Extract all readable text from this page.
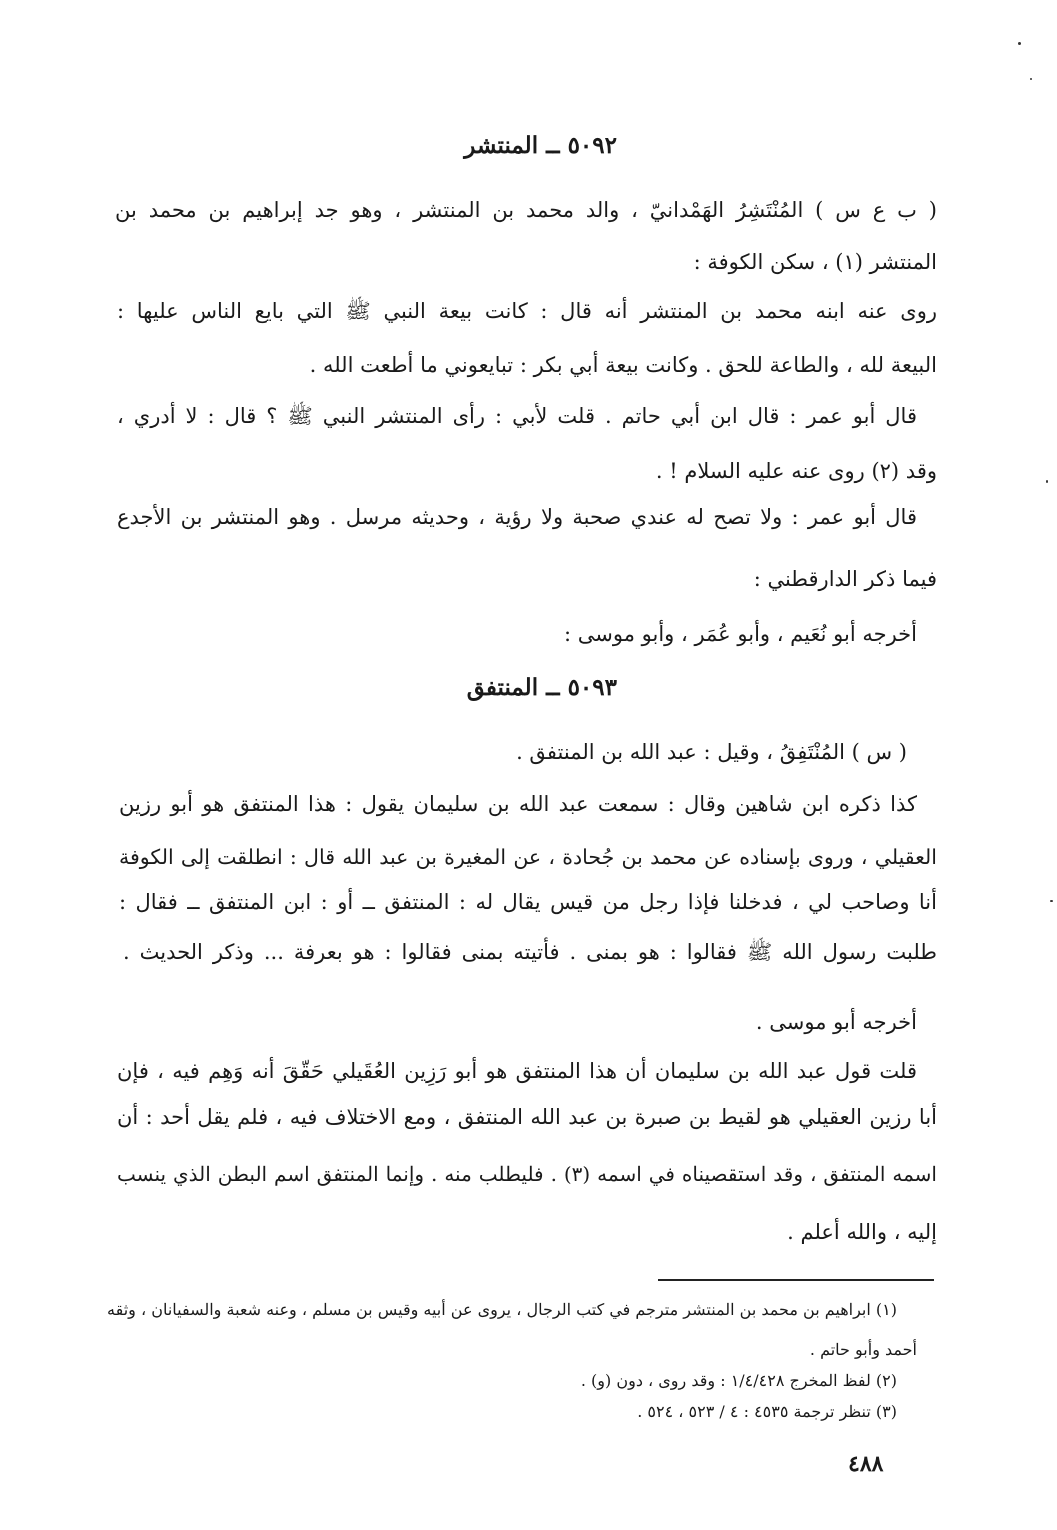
٥٠٩٢ ــ المنتشر
( ب ع س ) المُنْتَشِرُ الهَمْدانيّ ، والد محمد بن المنتشر ، وهو جد إبراهيم بن محمد بن
المنتشر (١) ، سكن الكوفة :
روى عنه ابنه محمد بن المنتشر أنه قال : كانت بيعة النبي ﷺ التي بايع الناس عليها :
البيعة لله ، والطاعة للحق . وكانت بيعة أبي بكر : تبايعوني ما أطعت الله .
قال أبو عمر : قال ابن أبي حاتم . قلت لأبي : رأى المنتشر النبي ﷺ ؟ قال : لا أدري ،
وقد (٢) روى عنه عليه السلام ! .
قال أبو عمر : ولا تصح له عندي صحبة ولا رؤية ، وحديثه مرسل . وهو المنتشر بن الأجدع
فيما ذكر الدارقطني :
أخرجه أبو نُعَيم ، وأبو عُمَر ، وأبو موسى :
٥٠٩٣ ــ المنتفق
( س ) المُنْتَفِقُ ، وقيل : عبد الله بن المنتفق .
كذا ذكره ابن شاهين وقال : سمعت عبد الله بن سليمان يقول : هذا المنتفق هو أبو رزين
العقيلي ، وروى بإسناده عن محمد بن جُحادة ، عن المغيرة بن عبد الله قال : انطلقت إلى الكوفة
أنا وصاحب لي ، فدخلنا فإذا رجل من قيس يقال له : المنتفق ــ أو : ابن المنتفق ــ فقال :
طلبت رسول الله ﷺ فقالوا : هو بمنى . فأتيته بمنى فقالوا : هو بعرفة ... وذكر الحديث .
أخرجه أبو موسى .
قلت قول عبد الله بن سليمان أن هذا المنتفق هو أبو رَزِين العُقَيلي حَقّقَ أنه وَهِم فيه ، فإن
أبا رزين العقيلي هو لقيط بن صبرة بن عبد الله المنتفق ، ومع الاختلاف فيه ، فلم يقل أحد : أن
اسمه المنتفق ، وقد استقصيناه في اسمه (٣) . فليطلب منه . وإنما المنتفق اسم البطن الذي ينسب
إليه ، والله أعلم .
(١) ابراهيم بن محمد بن المنتشر مترجم في كتب الرجال ، يروى عن أبيه وقيس بن مسلم ، وعنه شعبة والسفيانان ، وثقه
أحمد وأبو حاتم .
(٢) لفظ المخرج ١/٤/٤٢٨ : وقد روى ، دون (و) .
(٣) تنظر ترجمة ٤٥٣٥ : ٤ / ٥٢٣ ، ٥٢٤ .
٤٨٨
